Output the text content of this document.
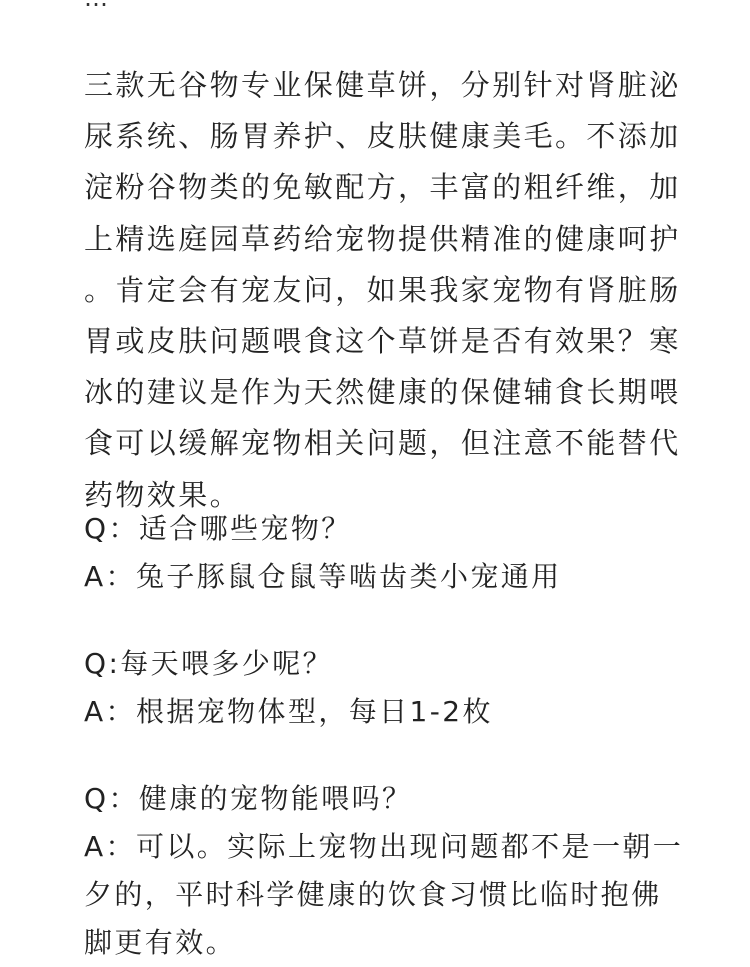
三款无谷物专业保健草饼，分别针对肾脏泌
尿系统、肠胃养护、皮肤健康美毛。不添加
淀粉谷物类的免敏配方，丰富的粗纤维，加
上精选庭园草药给宠物提供精准的健康呵护
。肯定会有宠友问，如果我家宠物有肾脏肠
胃或皮肤问题喂食这个草饼是否有效果？寒
冰的建议是作为天然健康的保健辅食长期喂
食可以缓解宠物相关问题，但注意不能替代
药物效果。
Q：适合哪些宠物？
A：兔子豚鼠仓鼠等啮齿类小宠通用
Q:每天喂多少呢？
A：根据宠物体型，每日1-2枚
Q：健康的宠物能喂吗？
A：可以。实际上宠物出现问题都不是一朝一
夕的，平时科学健康的饮食习惯比临时抱佛
脚更有效。
